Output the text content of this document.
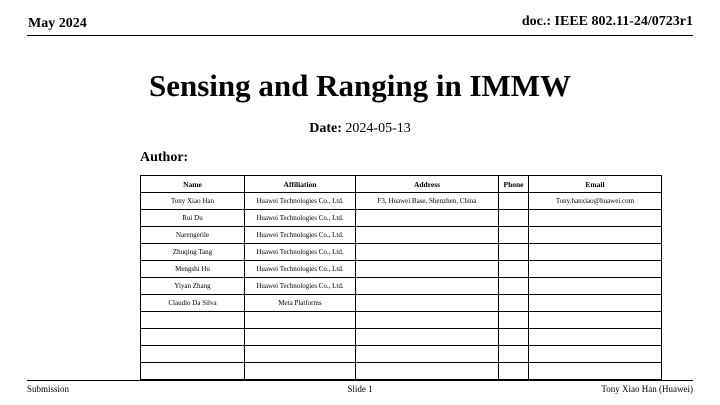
May 2024	doc.: IEEE 802.11-24/0723r1
Sensing and Ranging in IMMW
Date: 2024-05-13
Author:
Name	Affiliation	Address	Phone	Email
Tony Xiao Han	Huawei Technologies Co., Ltd.	F3, Huawei Base, Shenzhen, China		Tony.hanxiao@huawei.com
Rui Du	Huawei Technologies Co., Ltd.			
Narengerile	Huawei Technologies Co., Ltd.			
Zhuqing Tang	Huawei Technologies Co., Ltd.			
Mengshi Hu	Huawei Technologies Co., Ltd.			
Yiyan Zhang	Huawei Technologies Co., Ltd.			
Claudio Da Silva	Meta Platforms			

Submission	Slide 1	Tony Xiao Han (Huawei)
